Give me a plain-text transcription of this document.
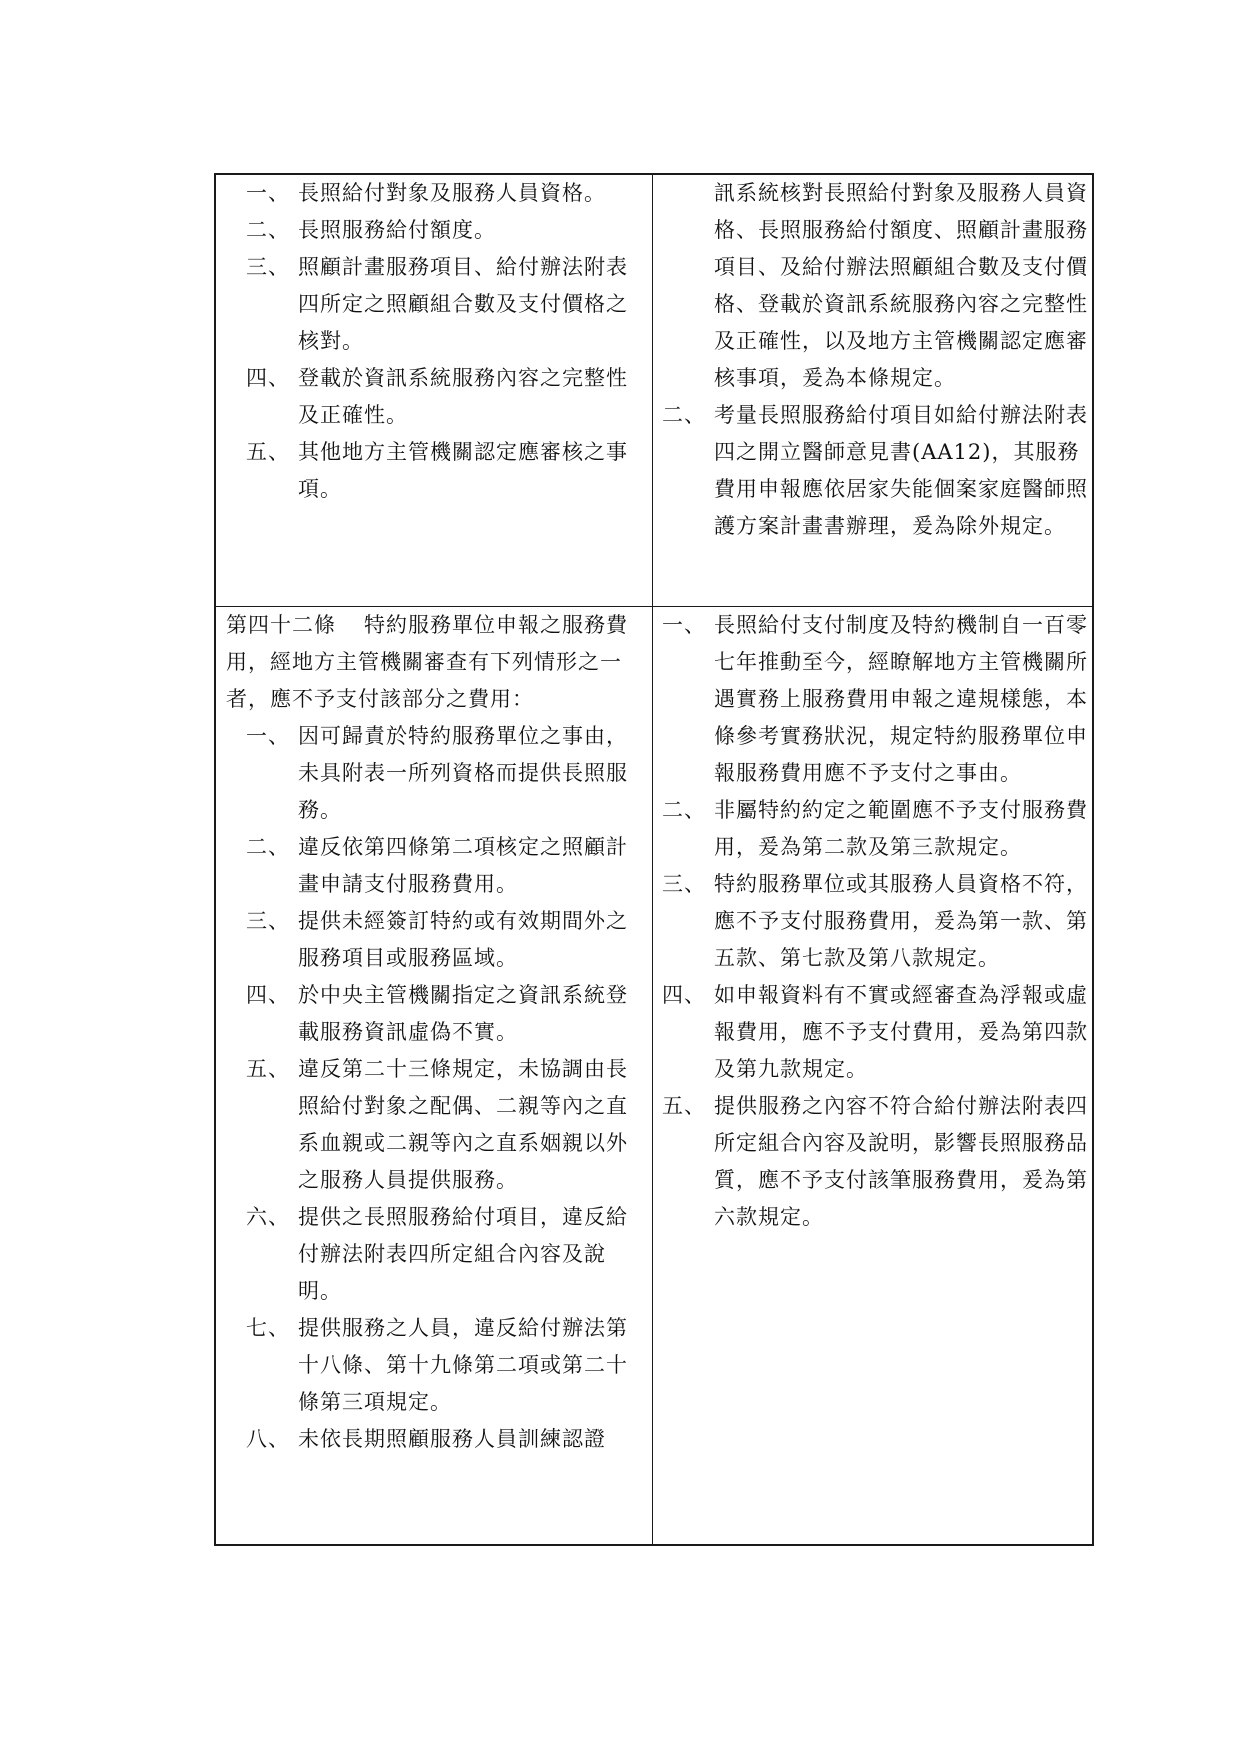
一、 長照給付對象及服務人員資格。
二、 長照服務給付額度。
三、 照顧計畫服務項目、給付辦法附表四所定之照顧組合數及支付價格之核對。
四、 登載於資訊系統服務內容之完整性及正確性。
五、 其他地方主管機關認定應審核之事項。
訊系統核對長照給付對象及服務人員資格、長照服務給付額度、照顧計畫服務項目、及給付辦法照顧組合數及支付價格、登載於資訊系統服務內容之完整性及正確性，以及地方主管機關認定應審核事項，爰為本條規定。
二、 考量長照服務給付項目如給付辦法附表四之開立醫師意見書(AA12)，其服務費用申報應依居家失能個案家庭醫師照護方案計畫書辦理，爰為除外規定。
第四十二條 特約服務單位申報之服務費用，經地方主管機關審查有下列情形之一者，應不予支付該部分之費用：
一、 因可歸責於特約服務單位之事由，未具附表一所列資格而提供長照服務。
二、 違反依第四條第二項核定之照顧計畫申請支付服務費用。
三、 提供未經簽訂特約或有效期間外之服務項目或服務區域。
四、 於中央主管機關指定之資訊系統登載服務資訊虛偽不實。
五、 違反第二十三條規定，未協調由長照給付對象之配偶、二親等內之直系血親或二親等內之直系姻親以外之服務人員提供服務。
六、 提供之長照服務給付項目，違反給付辦法附表四所定組合內容及說明。
七、 提供服務之人員，違反給付辦法第十八條、第十九條第二項或第二十條第三項規定。
八、 未依長期照顧服務人員訓練認證
一、 長照給付支付制度及特約機制自一百零七年推動至今，經瞭解地方主管機關所遇實務上服務費用申報之違規樣態，本條參考實務狀況，規定特約服務單位申報服務費用應不予支付之事由。
二、 非屬特約約定之範圍應不予支付服務費用，爰為第二款及第三款規定。
三、 特約服務單位或其服務人員資格不符，應不予支付服務費用，爰為第一款、第五款、第七款及第八款規定。
四、 如申報資料有不實或經審查為浮報或虛報費用，應不予支付費用，爰為第四款及第九款規定。
五、 提供服務之內容不符合給付辦法附表四所定組合內容及說明，影響長照服務品質，應不予支付該筆服務費用，爰為第六款規定。
